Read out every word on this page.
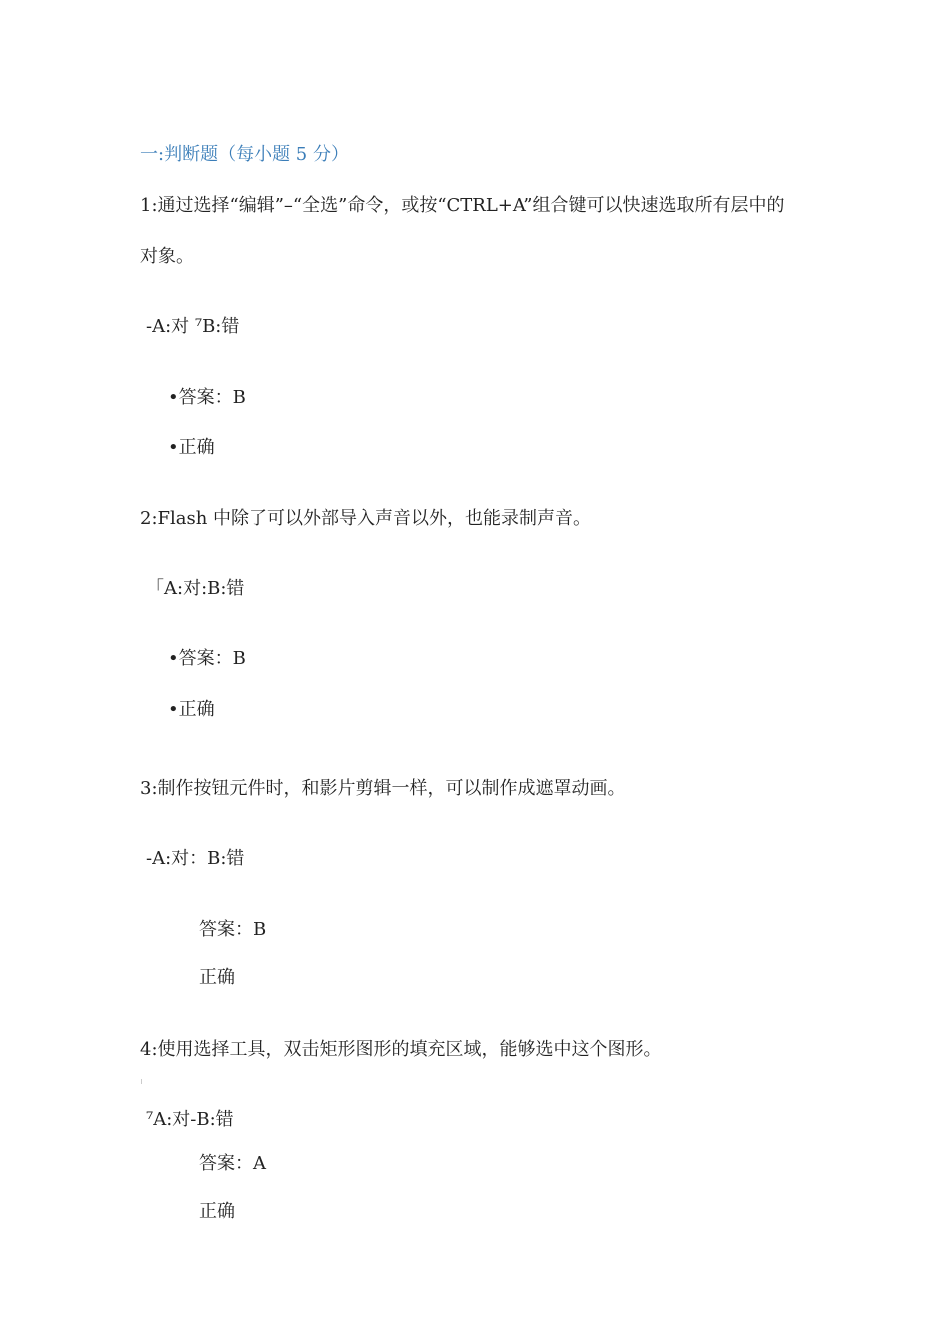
一:判断题（每小题 5 分）
1:通过选择“编辑”–“全选”命令，或按“CTRL+A”组合键可以快速选取所有层中的
对象。
-A:对 ⁷B:错
•答案：B
•正确
2:Flash 中除了可以外部导入声音以外，也能录制声音。
「A:对:B:错
•答案：B
•正确
3:制作按钮元件时，和影片剪辑一样，可以制作成遮罩动画。
-A:对：B:错
答案：B
正确
4:使用选择工具，双击矩形图形的填充区域，能够选中这个图形。
⁷A:对-B:错
答案：A
正确
